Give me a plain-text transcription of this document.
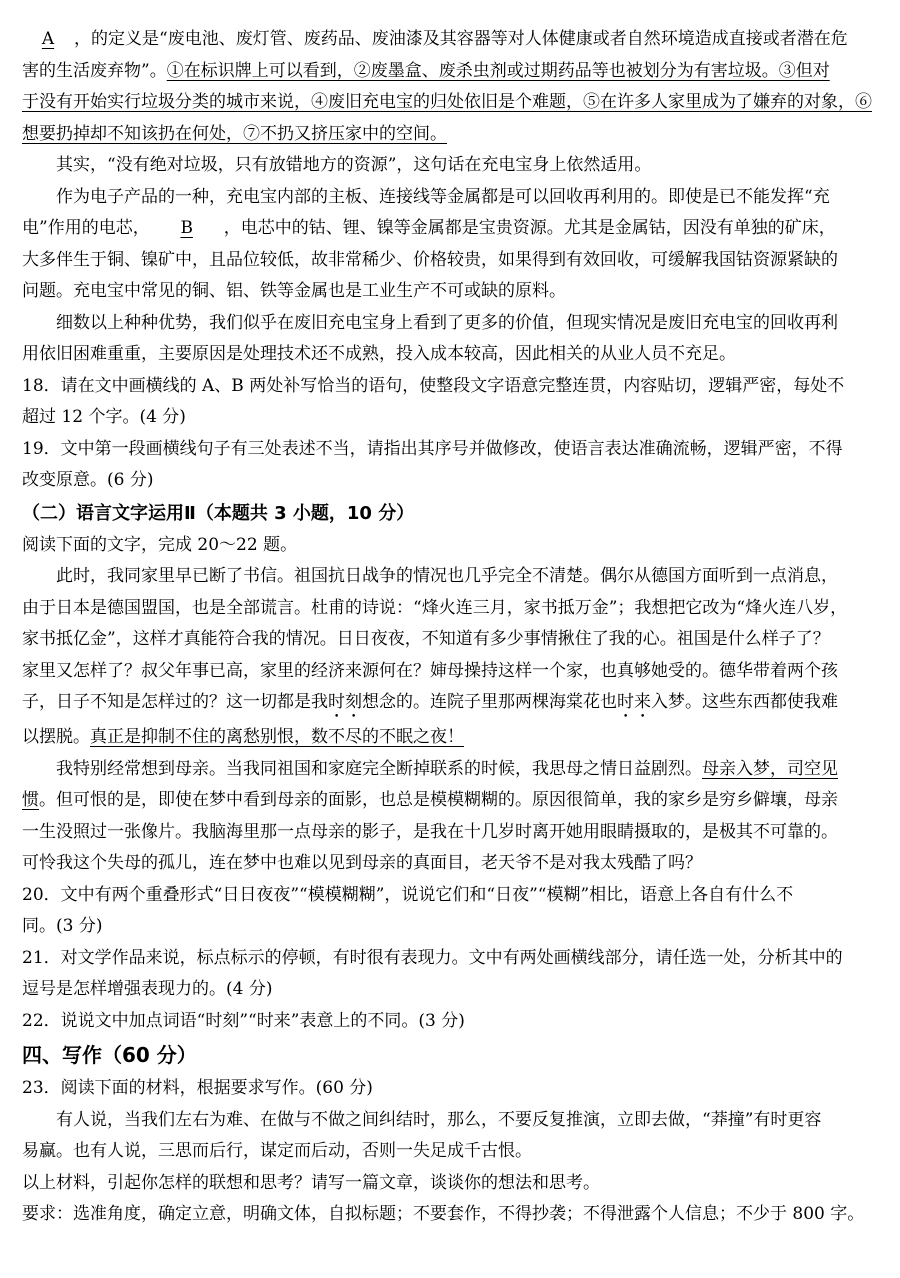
A ，的定义是“废电池、废灯管、废药品、废油漆及其容器等对人体健康或者自然环境造成直接或者潜在危
害的生活废弃物”。①在标识牌上可以看到，②废墨盒、废杀虫剂或过期药品等也被划分为有害垃圾。③但对
于没有开始实行垃圾分类的城市来说，④废旧充电宝的归处依旧是个难题，⑤在许多人家里成为了嫌弃的对象，⑥
想要扔掉却不知该扔在何处，⑦不扔又挤压家中的空间。
其实，“没有绝对垃圾，只有放错地方的资源”，这句话在充电宝身上依然适用。
作为电子产品的一种，充电宝内部的主板、连接线等金属都是可以回收再利用的。即使是已不能发挥“充
电”作用的电芯， B ，电芯中的钴、锂、镍等金属都是宝贵资源。尤其是金属钴，因没有单独的矿床，
大多伴生于铜、镍矿中，且品位较低，故非常稀少、价格较贵，如果得到有效回收，可缓解我国钴资源紧缺的
问题。充电宝中常见的铜、铝、铁等金属也是工业生产不可或缺的原料。
细数以上种种优势，我们似乎在废旧充电宝身上看到了更多的价值，但现实情况是废旧充电宝的回收再利
用依旧困难重重，主要原因是处理技术还不成熟，投入成本较高，因此相关的从业人员不充足。
18．请在文中画横线的 A、B 两处补写恰当的语句，使整段文字语意完整连贯，内容贴切，逻辑严密，每处不
超过 12 个字。(4 分)
19．文中第一段画横线句子有三处表述不当，请指出其序号并做修改，使语言表达准确流畅，逻辑严密，不得
改变原意。(6 分)
（二）语言文字运用Ⅱ（本题共 3 小题，10 分）
阅读下面的文字，完成 20～22 题。
此时，我同家里早已断了书信。祖国抗日战争的情况也几乎完全不清楚。偶尔从德国方面听到一点消息，
由于日本是德国盟国，也是全部谎言。杜甫的诗说：“烽火连三月，家书抵万金”；我想把它改为“烽火连八岁，
家书抵亿金”，这样才真能符合我的情况。日日夜夜，不知道有多少事情揪住了我的心。祖国是什么样子了？
家里又怎样了？叔父年事已高，家里的经济来源何在？婶母操持这样一个家，也真够她受的。德华带着两个孩
子，日子不知是怎样过的？这一切都是我时刻想念的。连院子里那两棵海棠花也时来入梦。这些东西都使我难
以摆脱。真正是抑制不住的离愁别恨，数不尽的不眠之夜！
我特别经常想到母亲。当我同祖国和家庭完全断掉联系的时候，我思母之情日益剧烈。母亲入梦，司空见
惯。但可恨的是，即使在梦中看到母亲的面影，也总是模模糊糊的。原因很简单，我的家乡是穷乡僻壤，母亲
一生没照过一张像片。我脑海里那一点母亲的影子，是我在十几岁时离开她用眼睛摄取的，是极其不可靠的。
可怜我这个失母的孤儿，连在梦中也难以见到母亲的真面目，老天爷不是对我太残酷了吗？
20．文中有两个重叠形式“日日夜夜”“模模糊糊”，说说它们和“日夜”“模糊”相比，语意上各自有什么不
同。(3 分)
21．对文学作品来说，标点标示的停顿，有时很有表现力。文中有两处画横线部分，请任选一处，分析其中的
逗号是怎样增强表现力的。(4 分)
22．说说文中加点词语“时刻”“时来”表意上的不同。(3 分)
四、写作（60 分）
23．阅读下面的材料，根据要求写作。(60 分)
有人说，当我们左右为难、在做与不做之间纠结时，那么，不要反复推演，立即去做，“莽撞”有时更容
易赢。也有人说，三思而后行，谋定而后动，否则一失足成千古恨。
以上材料，引起你怎样的联想和思考？请写一篇文章，谈谈你的想法和思考。
要求：选准角度，确定立意，明确文体，自拟标题；不要套作，不得抄袭；不得泄露个人信息；不少于 800 字。
